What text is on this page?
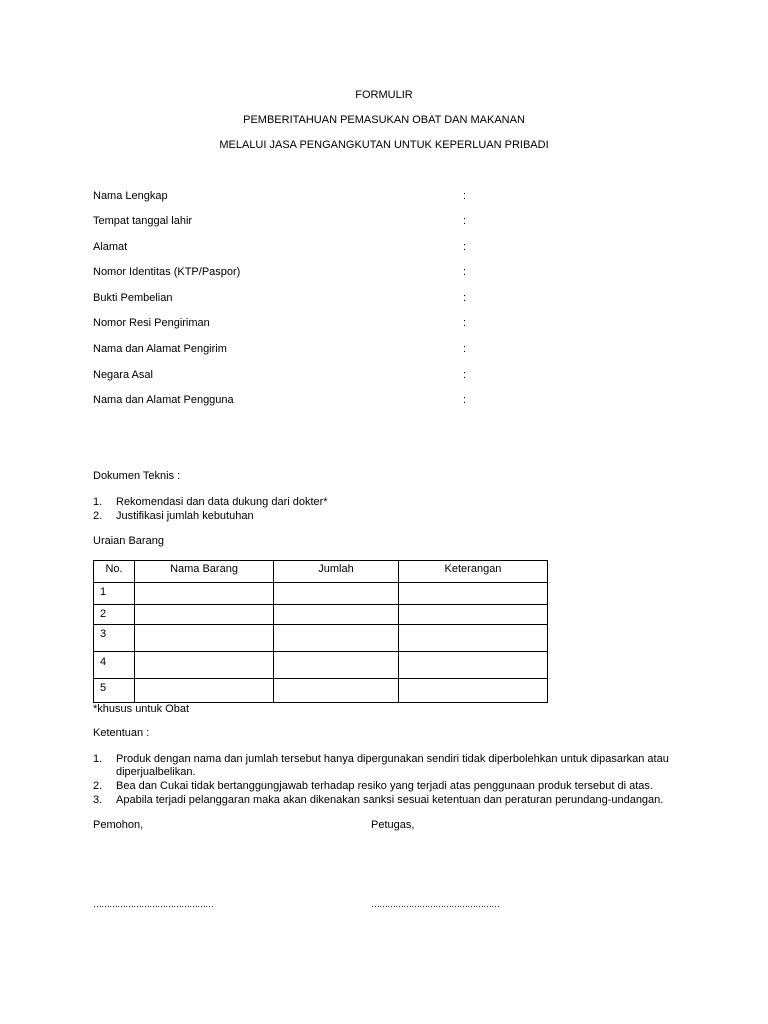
FORMULIR
PEMBERITAHUAN PEMASUKAN OBAT DAN MAKANAN
MELALUI JASA PENGANGKUTAN UNTUK KEPERLUAN PRIBADI
Nama Lengkap	:
Tempat tanggal lahir	:
Alamat	:
Nomor Identitas (KTP/Paspor)	:
Bukti Pembelian	:
Nomor Resi Pengiriman	:
Nama dan Alamat Pengirim	:
Negara Asal	:
Nama dan Alamat Pengguna	:
Dokumen Teknis :
1. Rekomendasi dan data dukung dari dokter*
2. Justifikasi jumlah kebutuhan
Uraian Barang
No.	Nama Barang	Jumlah	Keterangan
1			
2			
3			
4			
5			
*khusus untuk Obat
Ketentuan :
1. Produk dengan nama dan jumlah tersebut hanya dipergunakan sendiri tidak diperbolehkan untuk dipasarkan atau
diperjualbelikan.
2. Bea dan Cukai tidak bertanggungjawab terhadap resiko yang terjadi atas penggunaan produk tersebut di atas.
3. Apabila terjadi pelanggaran maka akan dikenakan sanksi sesuai ketentuan dan peraturan perundang-undangan.
Pemohon,	Petugas,
………………………………………	…………………………………………
